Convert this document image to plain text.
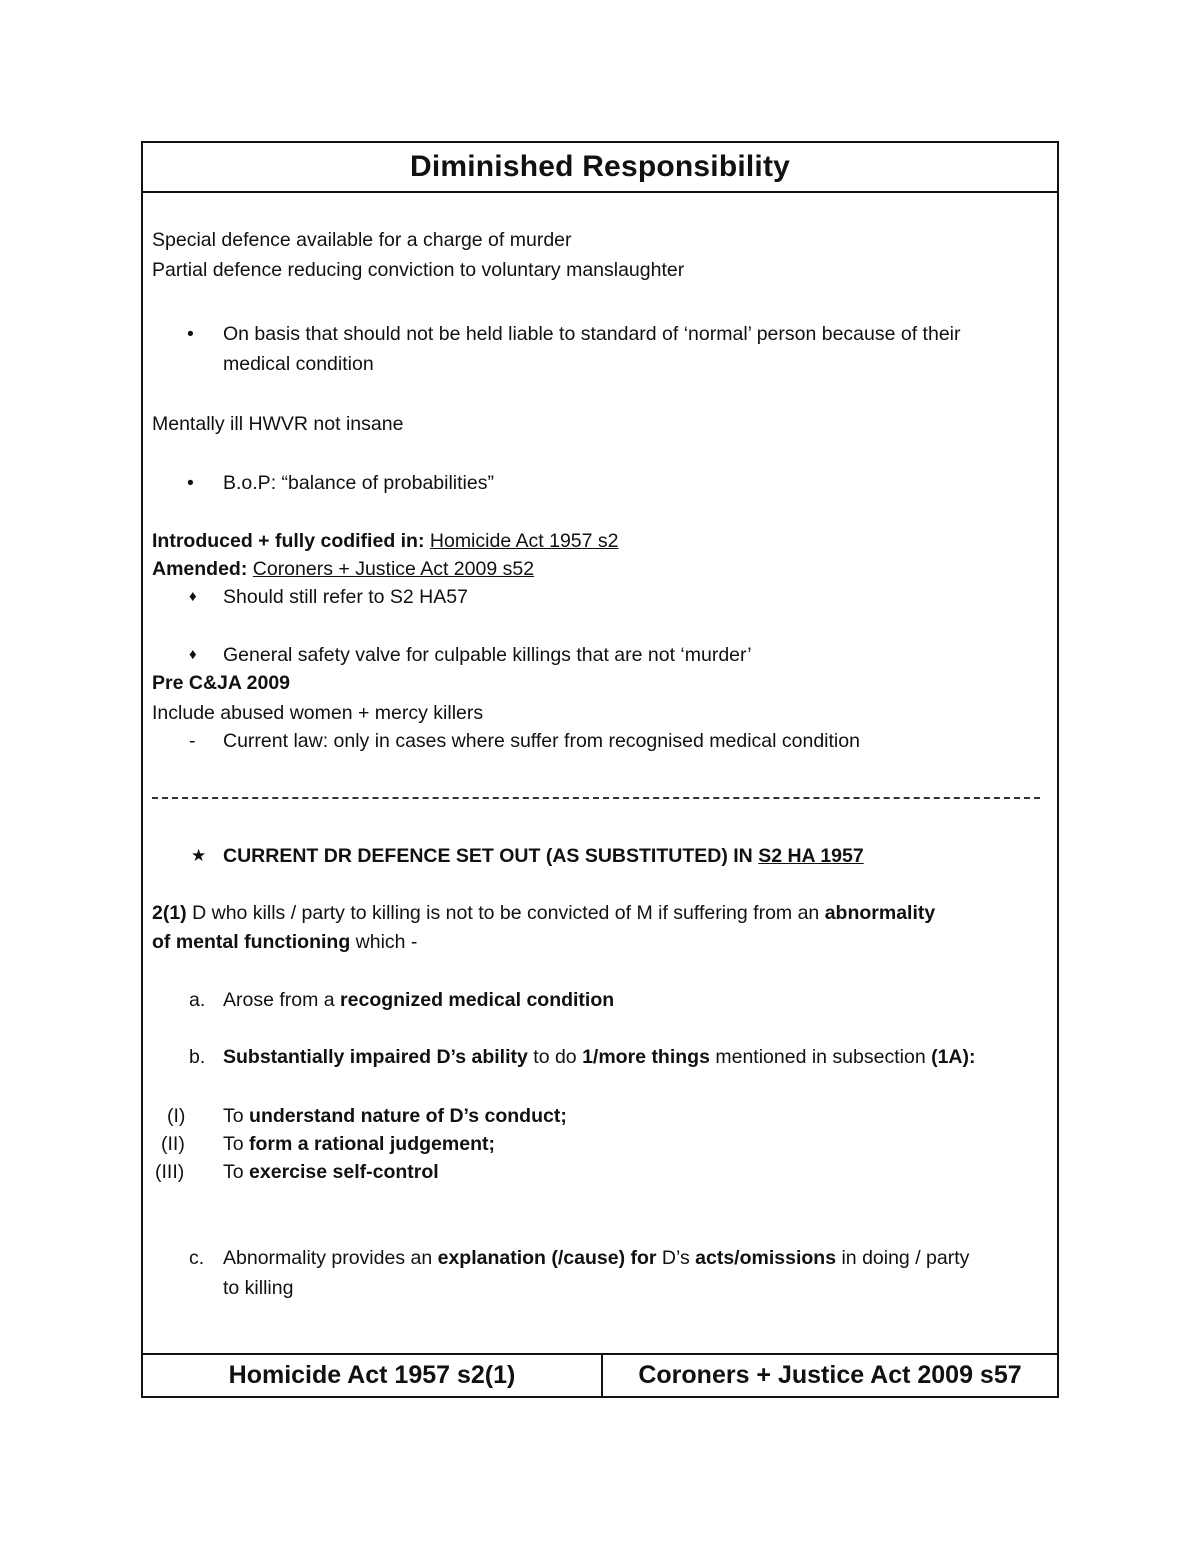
Diminished Responsibility
Special defence available for a charge of murder
Partial defence reducing conviction to voluntary manslaughter
• On basis that should not be held liable to standard of ‘normal’ person because of their
medical condition
Mentally ill HWVR not insane
• B.o.P: “balance of probabilities”
Introduced + fully codified in: Homicide Act 1957 s2
Amended: Coroners + Justice Act 2009 s52
♦ Should still refer to S2 HA57
♦ General safety valve for culpable killings that are not ‘murder’
Pre C&JA 2009
Include abused women + mercy killers
- Current law: only in cases where suffer from recognised medical condition
★ CURRENT DR DEFENCE SET OUT (AS SUBSTITUTED) IN S2 HA 1957
2(1) D who kills / party to killing is not to be convicted of M if suffering from an abnormality
of mental functioning which -
a. Arose from a recognized medical condition
b. Substantially impaired D’s ability to do 1/more things mentioned in subsection (1A):
(I) To understand nature of D’s conduct;
(II) To form a rational judgement;
(III) To exercise self-control
c. Abnormality provides an explanation (/cause) for D’s acts/omissions in doing / party
to killing
Homicide Act 1957 s2(1)	Coroners + Justice Act 2009 s57
